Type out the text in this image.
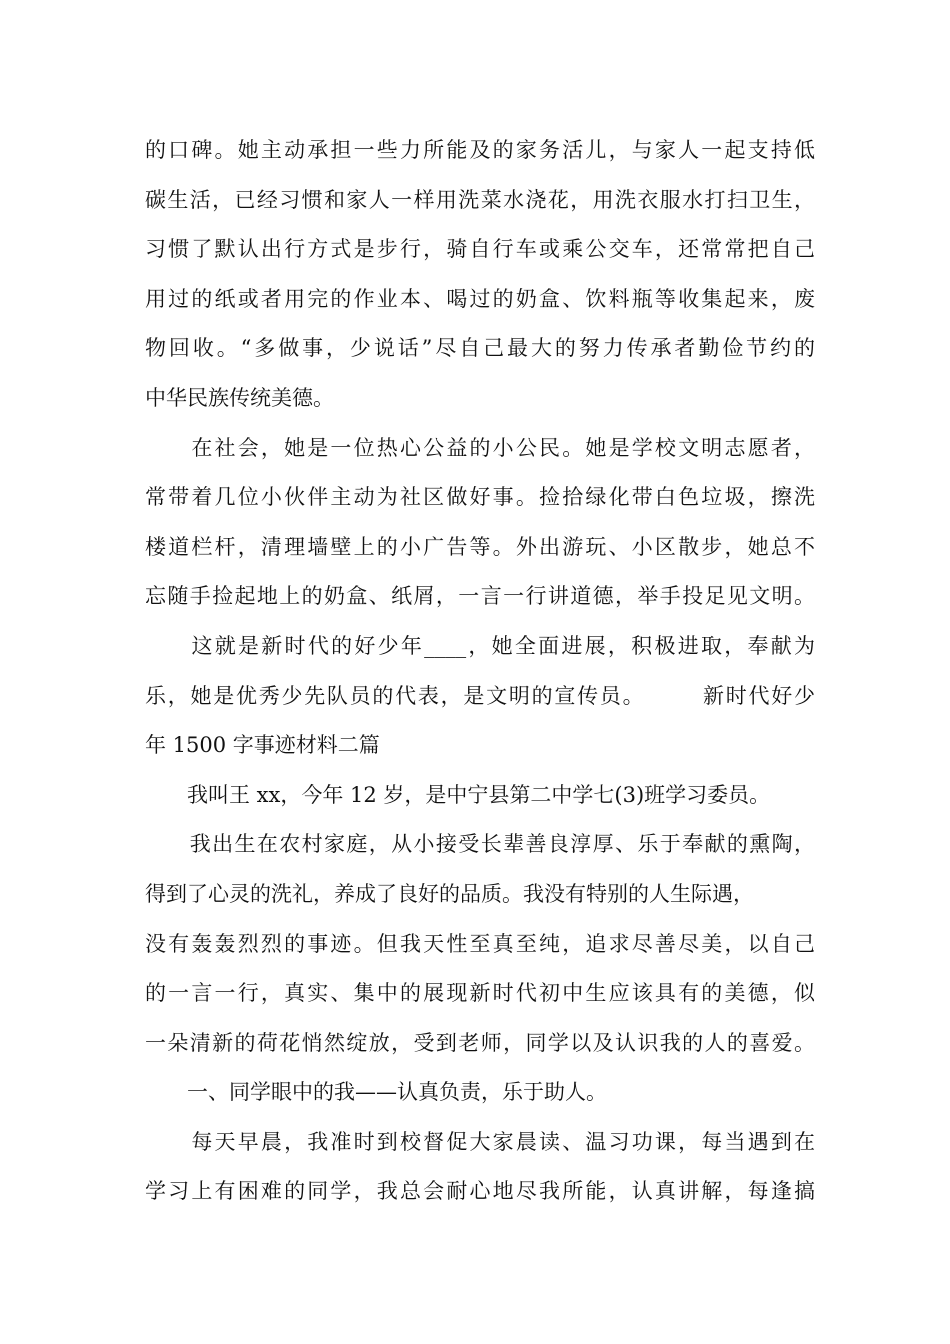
的口碑。她主动承担一些力所能及的家务活儿，与家人一起支持低
碳生活，已经习惯和家人一样用洗菜水浇花，用洗衣服水打扫卫生，
习惯了默认出行方式是步行，骑自行车或乘公交车，还常常把自己
用过的纸或者用完的作业本、喝过的奶盒、饮料瓶等收集起来，废
物回收。“多做事，少说话”尽自己最大的努力传承者勤俭节约的
中华民族传统美德。
　　在社会，她是一位热心公益的小公民。她是学校文明志愿者，
常带着几位小伙伴主动为社区做好事。捡拾绿化带白色垃圾，擦洗
楼道栏杆，清理墙壁上的小广告等。外出游玩、小区散步，她总不
忘随手捡起地上的奶盒、纸屑，一言一行讲道德，举手投足见文明。
　　这就是新时代的好少年____，她全面进展，积极进取，奉献为
乐，她是优秀少先队员的代表，是文明的宣传员。　　　新时代好少
年 1500 字事迹材料二篇
　　我叫王 xx，今年 12 岁，是中宁县第二中学七(3)班学习委员。
　　我出生在农村家庭，从小接受长辈善良淳厚、乐于奉献的熏陶，
得到了心灵的洗礼，养成了良好的品质。我没有特别的人生际遇，
没有轰轰烈烈的事迹。但我天性至真至纯，追求尽善尽美，以自己
的一言一行，真实、集中的展现新时代初中生应该具有的美德，似
一朵清新的荷花悄然绽放，受到老师，同学以及认识我的人的喜爱。
　　一、同学眼中的我——认真负责，乐于助人。
　　每天早晨，我准时到校督促大家晨读、温习功课，每当遇到在
学习上有困难的同学，我总会耐心地尽我所能，认真讲解，每逢搞
